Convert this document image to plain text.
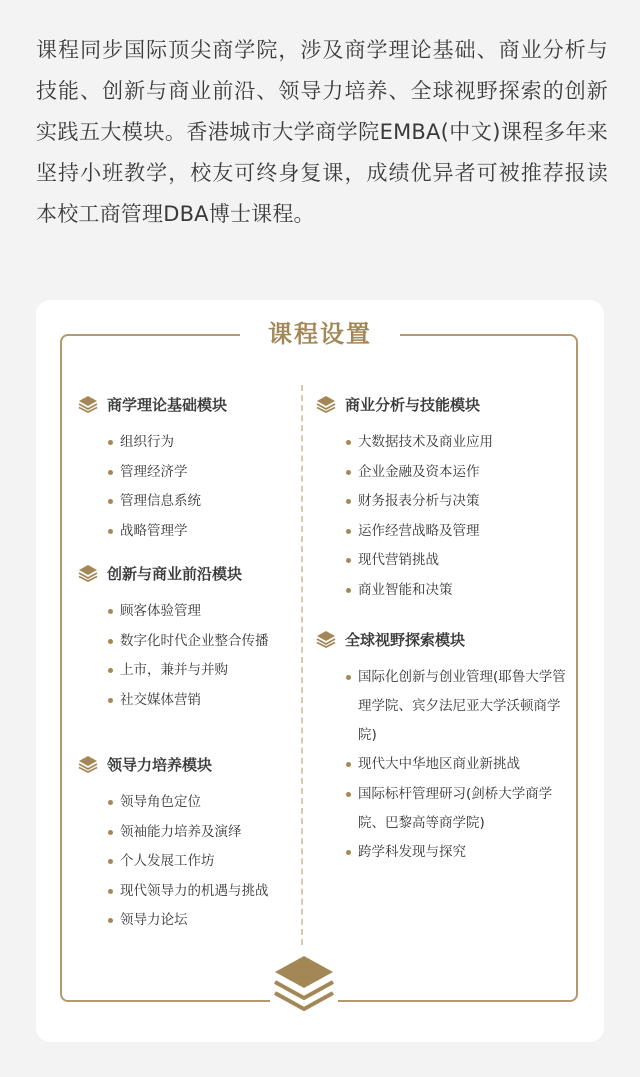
课程同步国际顶尖商学院，涉及商学理论基础、商业分析与技能、创新与商业前沿、领导力培养、全球视野探索的创新实践五大模块。香港城市大学商学院EMBA(中文)课程多年来坚持小班教学，校友可终身复课，成绩优异者可被推荐报读本校工商管理DBA博士课程。
课程设置
商学理论基础模块
组织行为
管理经济学
管理信息系统
战略管理学
创新与商业前沿模块
顾客体验管理
数字化时代企业整合传播
上市，兼并与并购
社交媒体营销
领导力培养模块
领导角色定位
领袖能力培养及演绎
个人发展工作坊
现代领导力的机遇与挑战
领导力论坛
商业分析与技能模块
大数据技术及商业应用
企业金融及资本运作
财务报表分析与决策
运作经营战略及管理
现代营销挑战
商业智能和决策
全球视野探索模块
国际化创新与创业管理(耶鲁大学管理学院、宾夕法尼亚大学沃顿商学院)
现代大中华地区商业新挑战
国际标杆管理研习(剑桥大学商学院、巴黎高等商学院)
跨学科发现与探究
